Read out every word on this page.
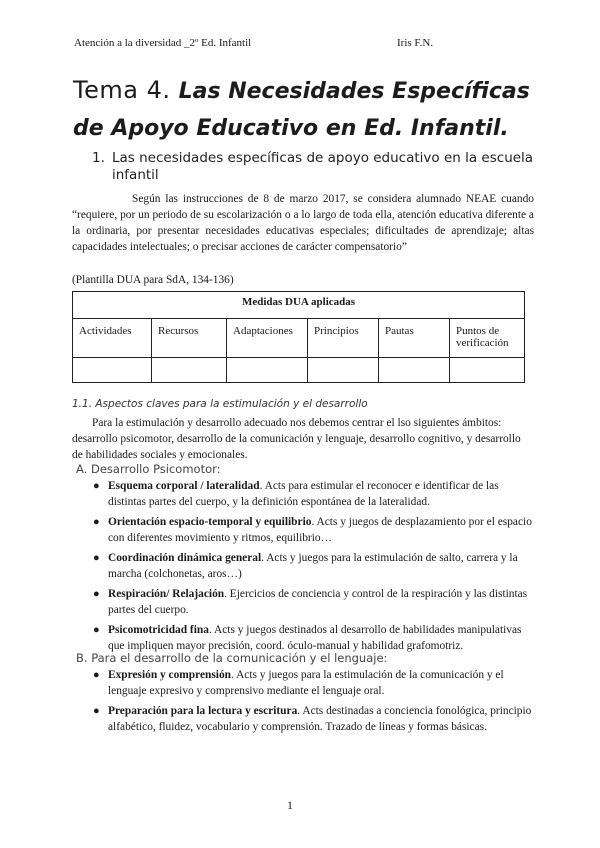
Atención a la diversidad _2º Ed. Infantil	Iris F.N.
Tema 4. Las Necesidades Específicas de Apoyo Educativo en Ed. Infantil.
1. Las necesidades específicas de apoyo educativo en la escuela infantil
Según las instrucciones de 8 de marzo 2017, se considera alumnado NEAE cuando “requiere, por un periodo de su escolarización o a lo largo de toda ella, atención educativa diferente a la ordinaria, por presentar necesidades educativas especiales; dificultades de aprendizaje; altas capacidades intelectuales; o precisar acciones de carácter compensatorio”
(Plantilla DUA para SdA, 134-136)
Medidas DUA aplicadas					
Actividades	Recursos	Adaptaciones	Principios	Pautas	Puntos de verificación

1.1. Aspectos claves para la estimulación y el desarrollo
Para la estimulación y desarrollo adecuado nos debemos centrar el lso siguientes ámbitos: desarrollo psicomotor, desarrollo de la comunicación y lenguaje, desarrollo cognitivo, y desarrollo de habilidades sociales y emocionales.
A. Desarrollo Psicomotor:
● Esquema corporal / lateralidad. Acts para estimular el reconocer e identificar de las distintas partes del cuerpo, y la definición espontánea de la lateralidad.
● Orientación espacio-temporal y equilibrio. Acts y juegos de desplazamiento por el espacio con diferentes movimiento y ritmos, equilibrio…
● Coordinación dinámica general. Acts y juegos para la estimulación de salto, carrera y la marcha (colchonetas, aros…)
● Respiración/ Relajación. Ejercicios de conciencia y control de la respiración y las distintas partes del cuerpo.
● Psicomotricidad fina. Acts y juegos destinados al desarrollo de habilidades manipulativas que impliquen mayor precisión, coord. óculo-manual y habilidad grafomotriz.
B. Para el desarrollo de la comunicación y el lenguaje:
● Expresión y comprensión. Acts y juegos para la estimulación de la comunicación y el lenguaje expresivo y comprensivo mediante el lenguaje oral.
● Preparación para la lectura y escritura. Acts destinadas a conciencia fonológica, principio alfabético, fluidez, vocabulario y comprensión. Trazado de líneas y formas básicas.
1
